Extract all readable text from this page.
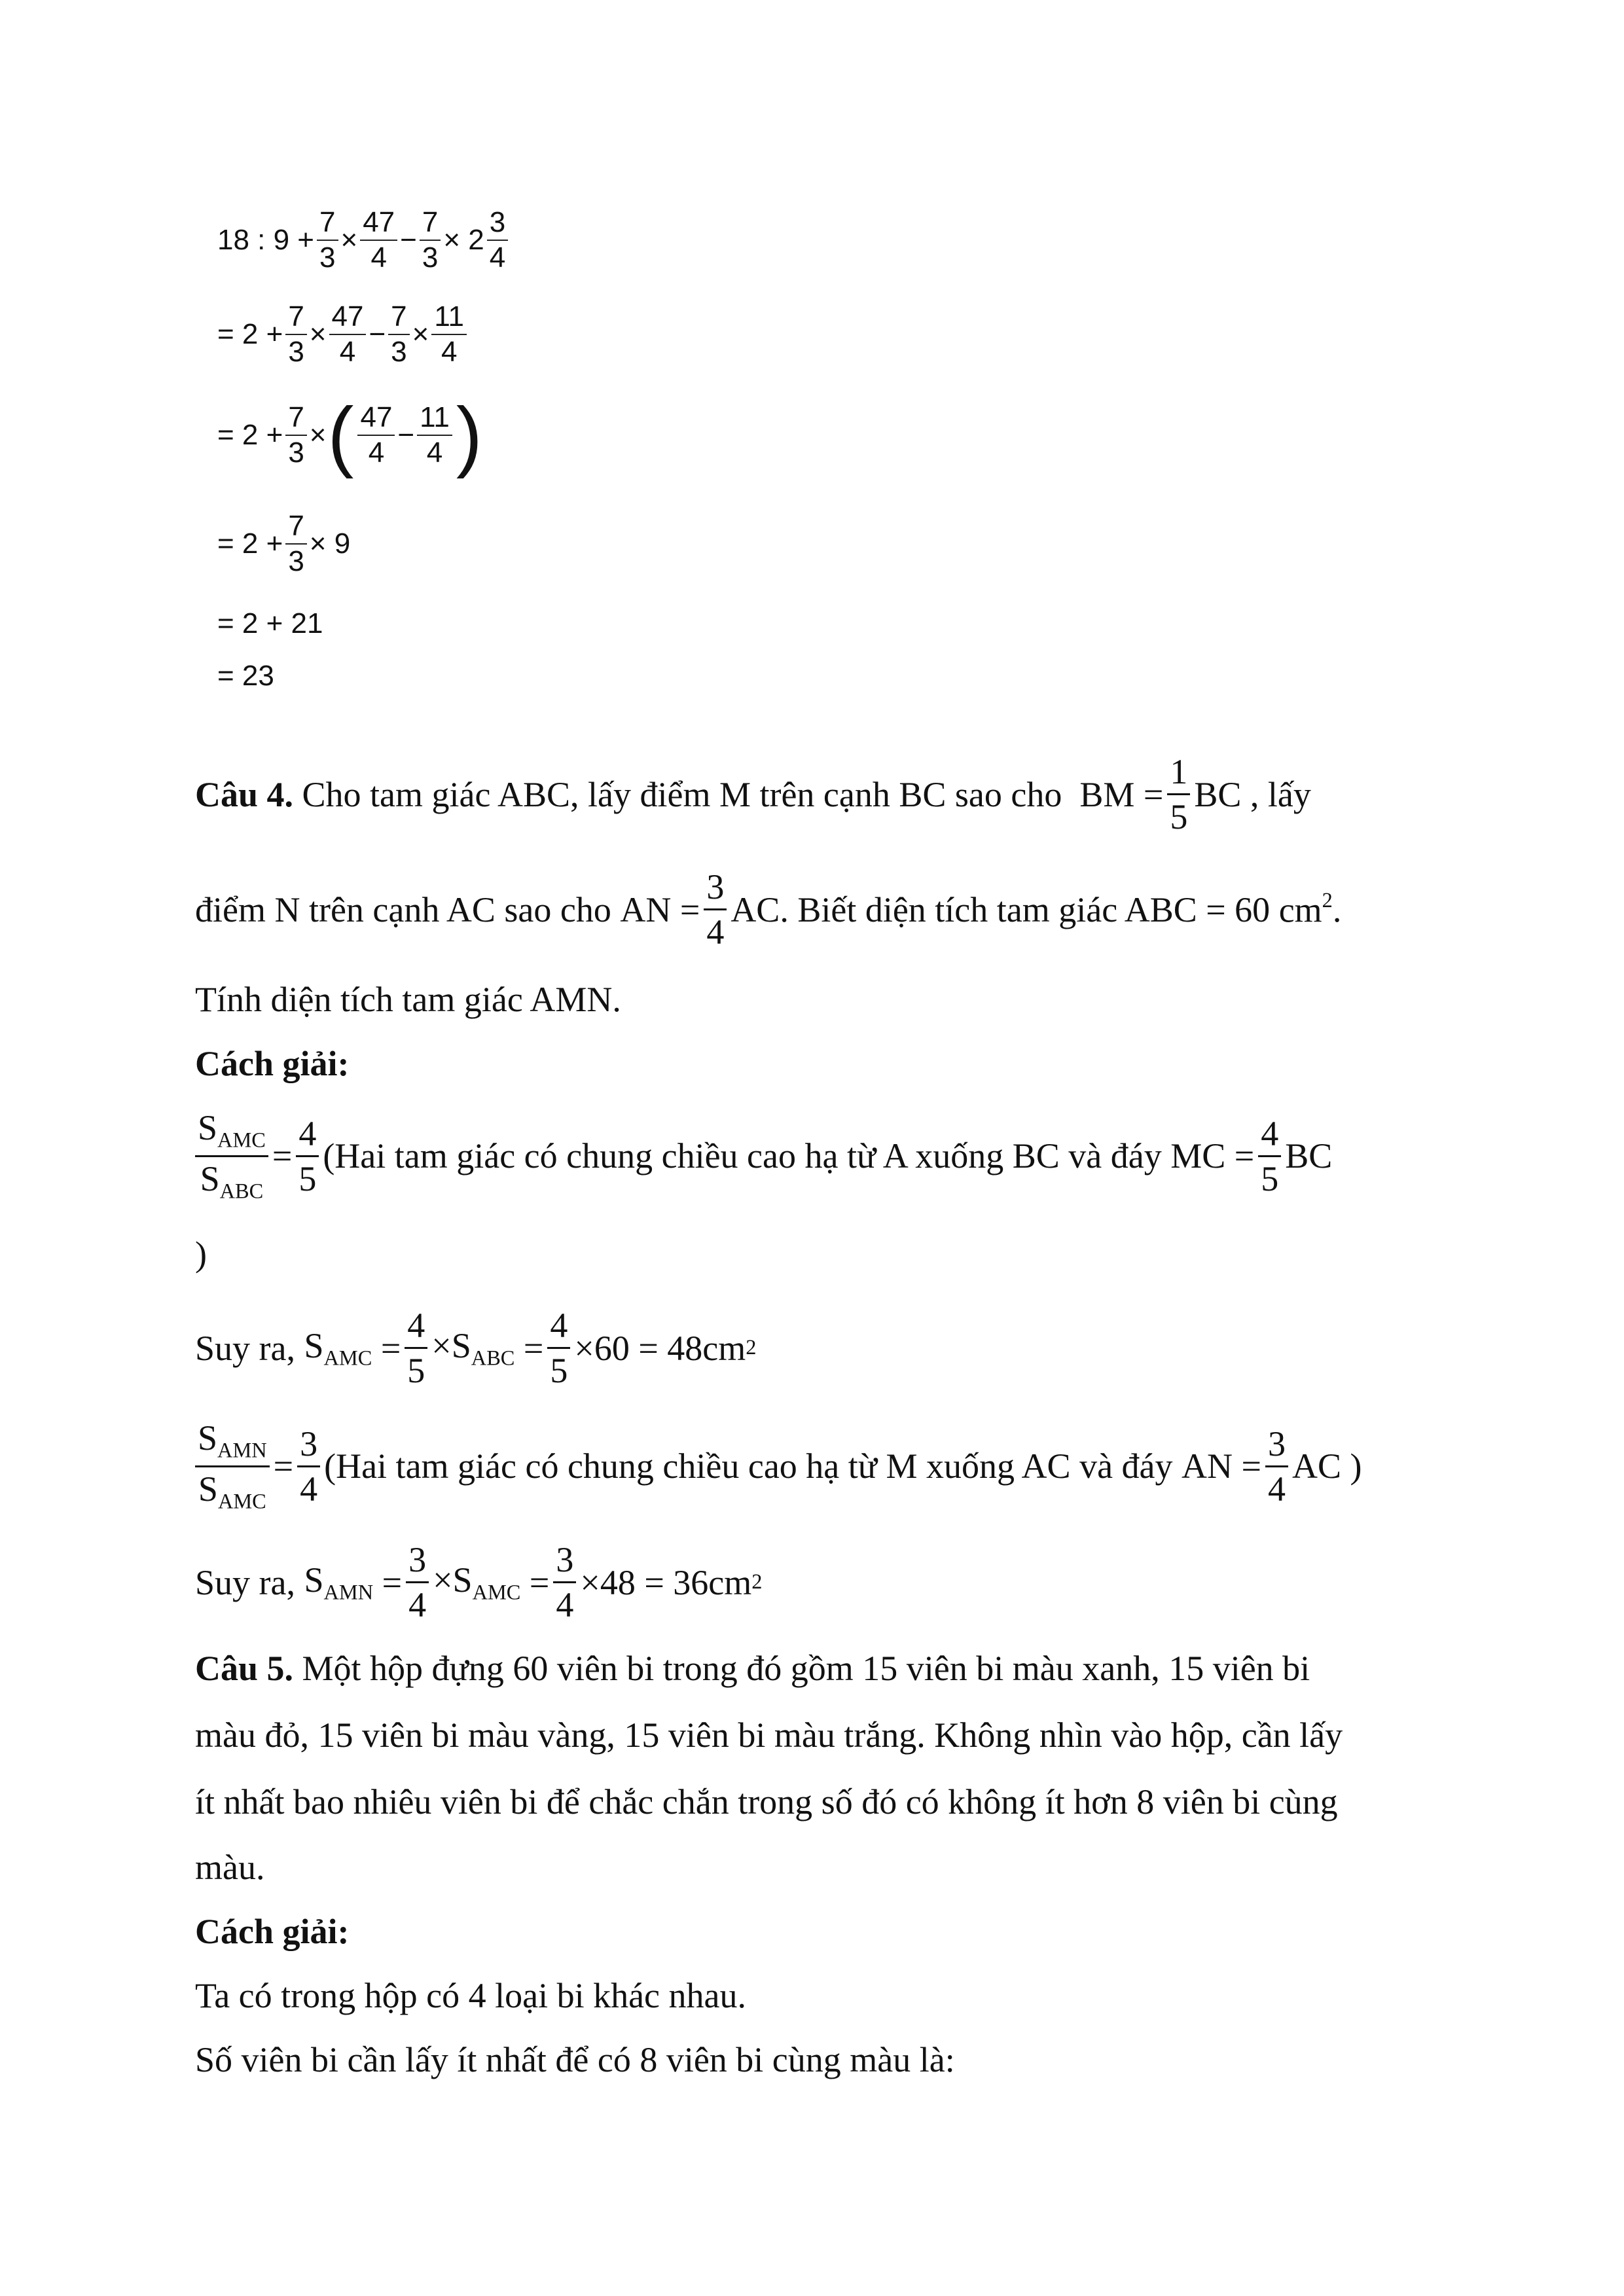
18 : $9 + \frac{7}{3} \times \frac{47}{4} - \frac{7}{3} \times 2 \frac{3}{4}$
= $2 + \frac{7}{3} \times \frac{47}{4} - \frac{7}{3} \times \frac{11}{4}$
= $2 + \frac{7}{3}$ × ( $\frac{47}{4} - \frac{11}{4}$ )
= $2 + \frac{7}{3} \times 9$
= 2 + 21
= 23
Câu 4.
Cho tam giác ABC, lấy điểm M trên cạnh BC sao cho
BM = $\frac{1}{5}$ BC , lấy
điểm N trên cạnh AC sao cho
AN = $\frac{3}{4}$ AC . Biết diện tích tam giác ABC = 60
$cm^2$ .
Tính diện tích tam giác AMN.
Cách giải:
$\frac{S_{AMC}}{S_{ABC}} = \frac{4}{5} (Hai$ tam giác có chung chiều cao hạ từ A xuống BC và đáy
MC = $\frac{4}{5}$ BC
)
Suy ra,
$S_{AMC}$
= $\frac{4}{5} \times S_{ABC}$
= $\frac{4}{5} \times 60 = 48cm$ 2
$\frac{S_{AMN}}{S_{AMC}} = \frac{3}{4} (Hai$ tam giác có chung chiều cao hạ từ M xuống AC và đáy
AN = $\frac{3}{4}$ AC )
Suy ra,
$S_{AMN}$
= $\frac{3}{4} \times S_{AMC}$
= $\frac{3}{4} \times 48 = 36cm$ 2
Câu 5. Một hộp đựng 60 viên bi trong đó gồm 15 viên bi màu xanh, 15 viên bi
màu đỏ, 15 viên bi màu vàng, 15 viên bi màu trắng. Không nhìn vào hộp, cần lấy
ít nhất bao nhiêu viên bi để chắc chắn trong số đó có không ít hơn 8 viên bi cùng
màu.
Cách giải:
Ta có trong hộp có 4 loại bi khác nhau.
Số viên bi cần lấy ít nhất để có 8 viên bi cùng màu là:
